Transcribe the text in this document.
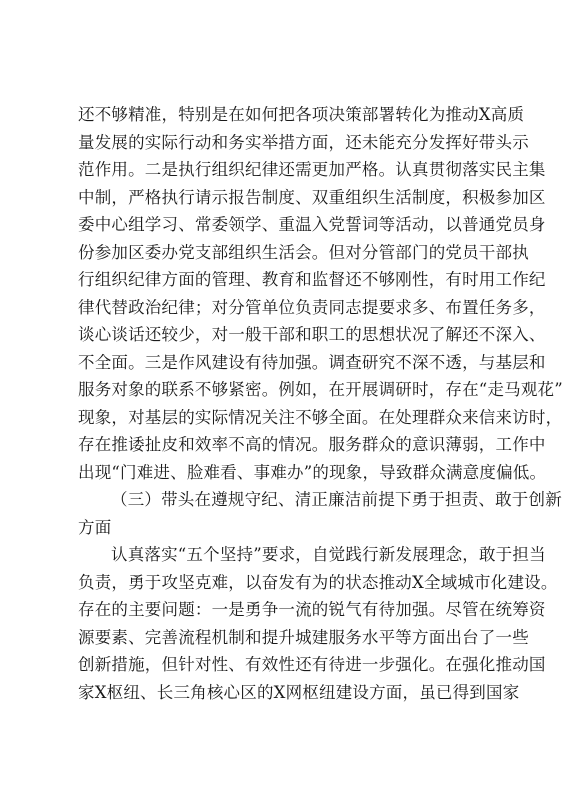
还不够精准，特别是在如何把各项决策部署转化为推动X高质
量发展的实际行动和务实举措方面，还未能充分发挥好带头示
范作用。二是执行组织纪律还需更加严格。认真贯彻落实民主集
中制，严格执行请示报告制度、双重组织生活制度，积极参加区
委中心组学习、常委领学、重温入党誓词等活动，以普通党员身
份参加区委办党支部组织生活会。但对分管部门的党员干部执
行组织纪律方面的管理、教育和监督还不够刚性，有时用工作纪
律代替政治纪律；对分管单位负责同志提要求多、布置任务多，
谈心谈话还较少，对一般干部和职工的思想状况了解还不深入、
不全面。三是作风建设有待加强。调查研究不深不透，与基层和
服务对象的联系不够紧密。例如，在开展调研时，存在“走马观花”
现象，对基层的实际情况关注不够全面。在处理群众来信来访时，
存在推诿扯皮和效率不高的情况。服务群众的意识薄弱，工作中
出现“门难进、脸难看、事难办”的现象，导致群众满意度偏低。
（三）带头在遵规守纪、清正廉洁前提下勇于担责、敢于创新
方面
认真落实“五个坚持”要求，自觉践行新发展理念，敢于担当
负责，勇于攻坚克难，以奋发有为的状态推动X全域城市化建设。
存在的主要问题：一是勇争一流的锐气有待加强。尽管在统筹资
源要素、完善流程机制和提升城建服务水平等方面出台了一些
创新措施，但针对性、有效性还有待进一步强化。在强化推动国
家X枢纽、长三角核心区的X网枢纽建设方面，虽已得到国家
